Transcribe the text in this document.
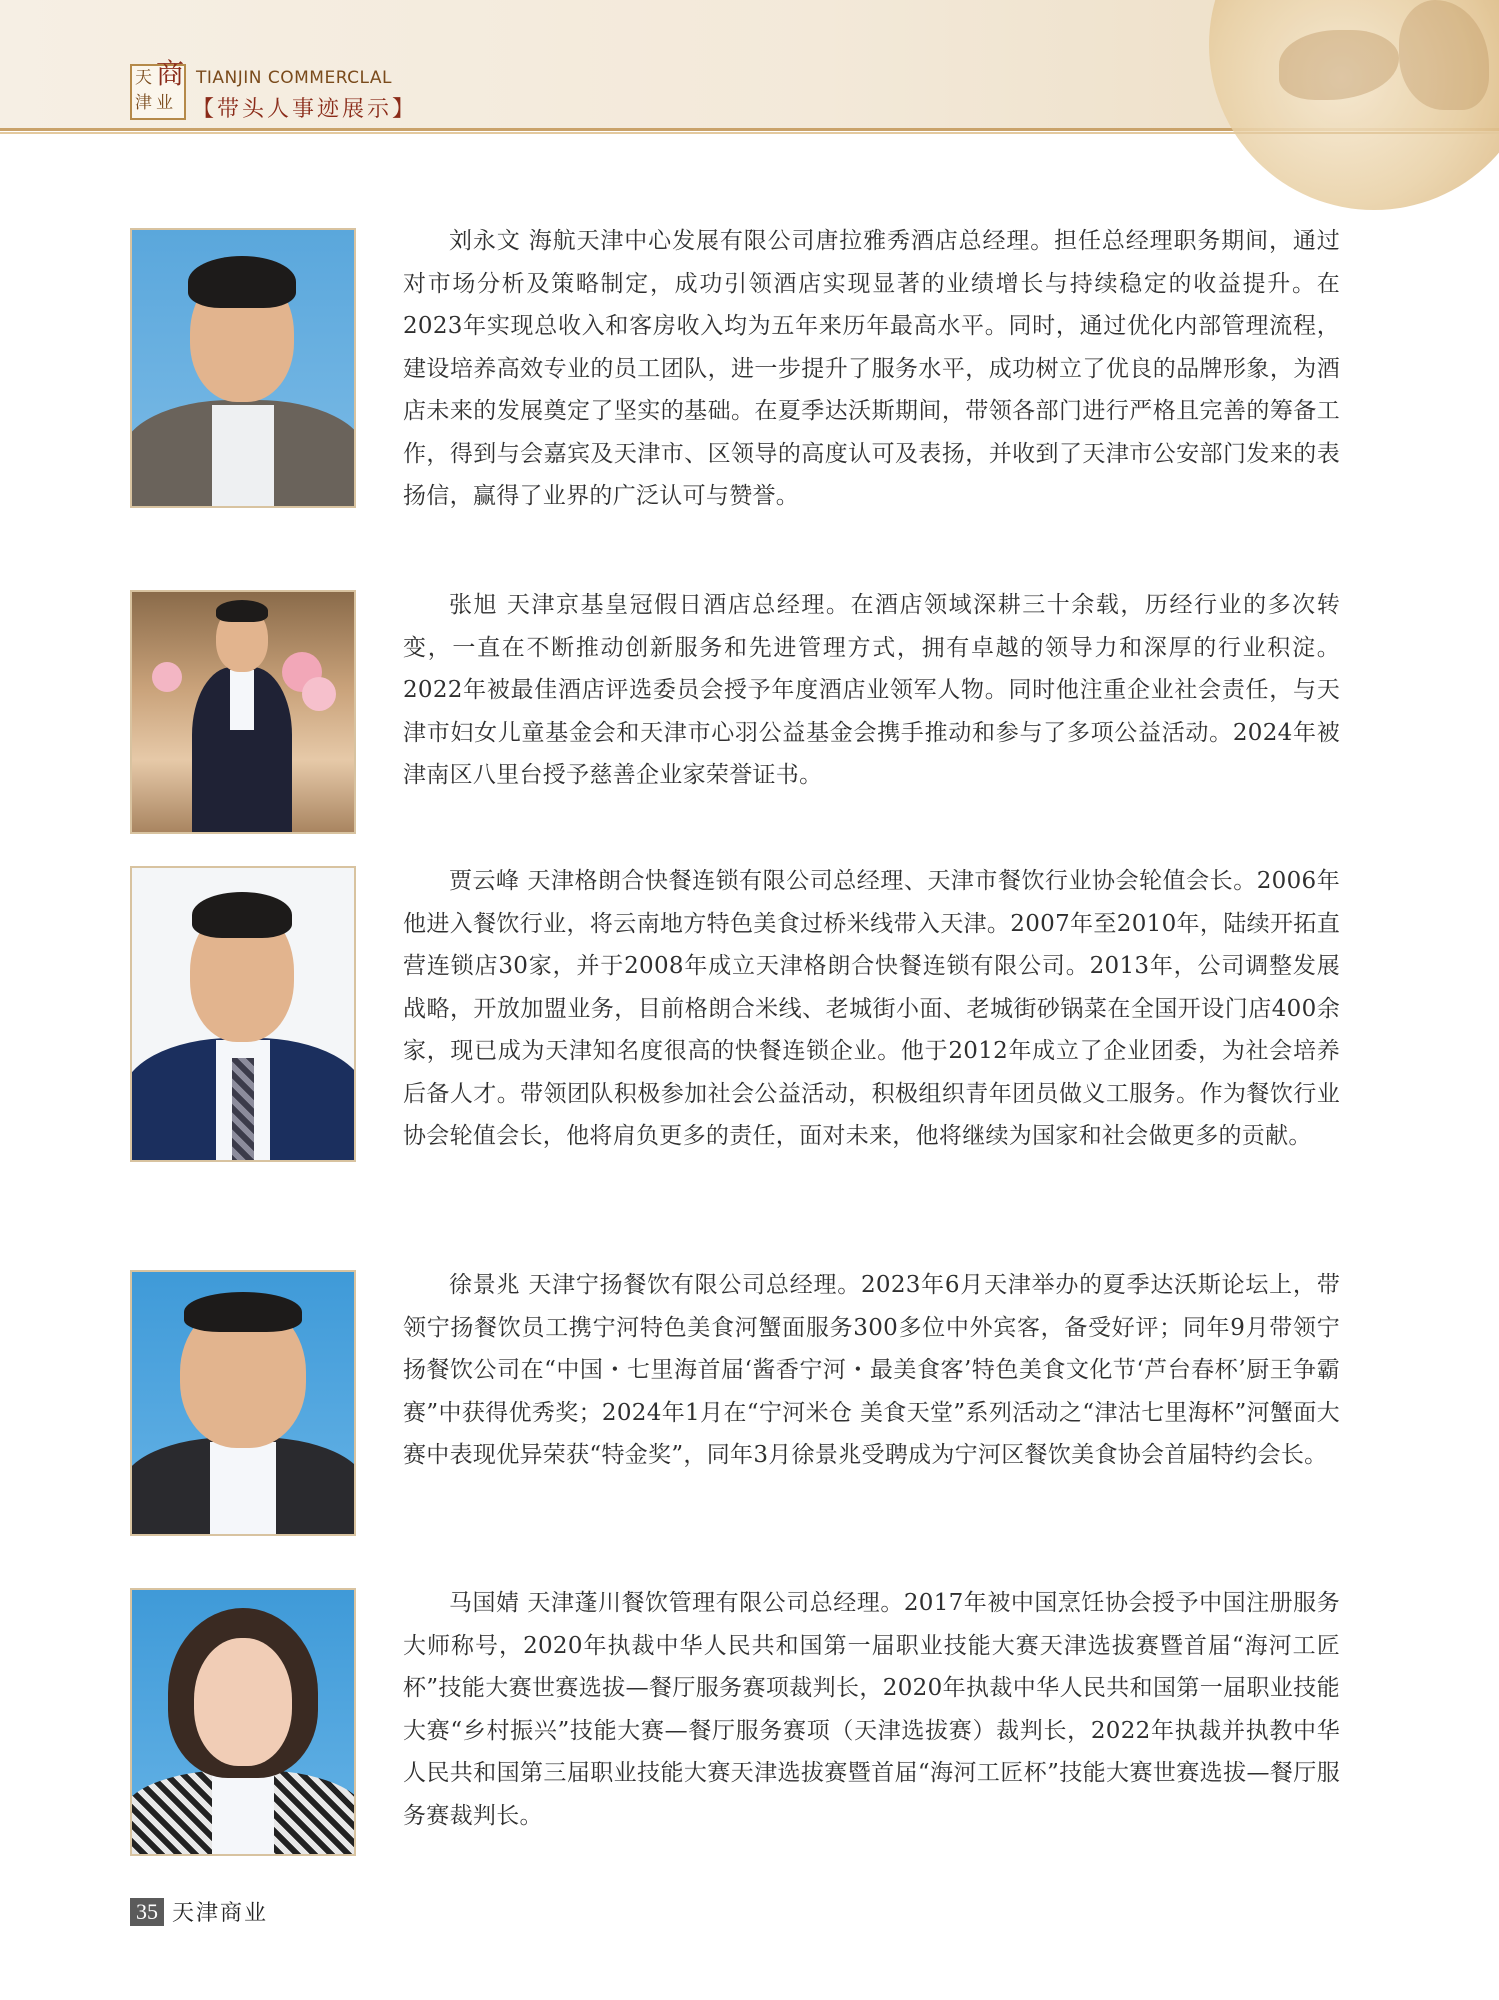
天 商
津 业
TIANJIN COMMERCLAL
【带头人事迹展示】

刘永文 海航天津中心发展有限公司唐拉雅秀酒店总经理。担任总经理职务期间，通过对市场分析及策略制定，成功引领酒店实现显著的业绩增长与持续稳定的收益提升。在2023年实现总收入和客房收入均为五年来历年最高水平。同时，通过优化内部管理流程，建设培养高效专业的员工团队，进一步提升了服务水平，成功树立了优良的品牌形象，为酒店未来的发展奠定了坚实的基础。在夏季达沃斯期间，带领各部门进行严格且完善的筹备工作，得到与会嘉宾及天津市、区领导的高度认可及表扬，并收到了天津市公安部门发来的表扬信，赢得了业界的广泛认可与赞誉。

张旭 天津京基皇冠假日酒店总经理。在酒店领域深耕三十余载，历经行业的多次转变，一直在不断推动创新服务和先进管理方式，拥有卓越的领导力和深厚的行业积淀。2022年被最佳酒店评选委员会授予年度酒店业领军人物。同时他注重企业社会责任，与天津市妇女儿童基金会和天津市心羽公益基金会携手推动和参与了多项公益活动。2024年被津南区八里台授予慈善企业家荣誉证书。

贾云峰 天津格朗合快餐连锁有限公司总经理、天津市餐饮行业协会轮值会长。2006年他进入餐饮行业，将云南地方特色美食过桥米线带入天津。2007年至2010年，陆续开拓直营连锁店30家，并于2008年成立天津格朗合快餐连锁有限公司。2013年，公司调整发展战略，开放加盟业务，目前格朗合米线、老城街小面、老城街砂锅菜在全国开设门店400余家，现已成为天津知名度很高的快餐连锁企业。他于2012年成立了企业团委，为社会培养后备人才。带领团队积极参加社会公益活动，积极组织青年团员做义工服务。作为餐饮行业协会轮值会长，他将肩负更多的责任，面对未来，他将继续为国家和社会做更多的贡献。

徐景兆 天津宁扬餐饮有限公司总经理。2023年6月天津举办的夏季达沃斯论坛上，带领宁扬餐饮员工携宁河特色美食河蟹面服务300多位中外宾客，备受好评；同年9月带领宁扬餐饮公司在“中国・七里海首届‘酱香宁河・最美食客’特色美食文化节‘芦台春杯’厨王争霸赛”中获得优秀奖；2024年1月在“宁河米仓 美食天堂”系列活动之“津沽七里海杯”河蟹面大赛中表现优异荣获“特金奖”，同年3月徐景兆受聘成为宁河区餐饮美食协会首届特约会长。

马国婧 天津蓬川餐饮管理有限公司总经理。2017年被中国烹饪协会授予中国注册服务大师称号，2020年执裁中华人民共和国第一届职业技能大赛天津选拔赛暨首届“海河工匠杯”技能大赛世赛选拔—餐厅服务赛项裁判长，2020年执裁中华人民共和国第一届职业技能大赛“乡村振兴”技能大赛—餐厅服务赛项（天津选拔赛）裁判长，2022年执裁并执教中华人民共和国第三届职业技能大赛天津选拔赛暨首届“海河工匠杯”技能大赛世赛选拔—餐厅服务赛裁判长。

35 天津商业
